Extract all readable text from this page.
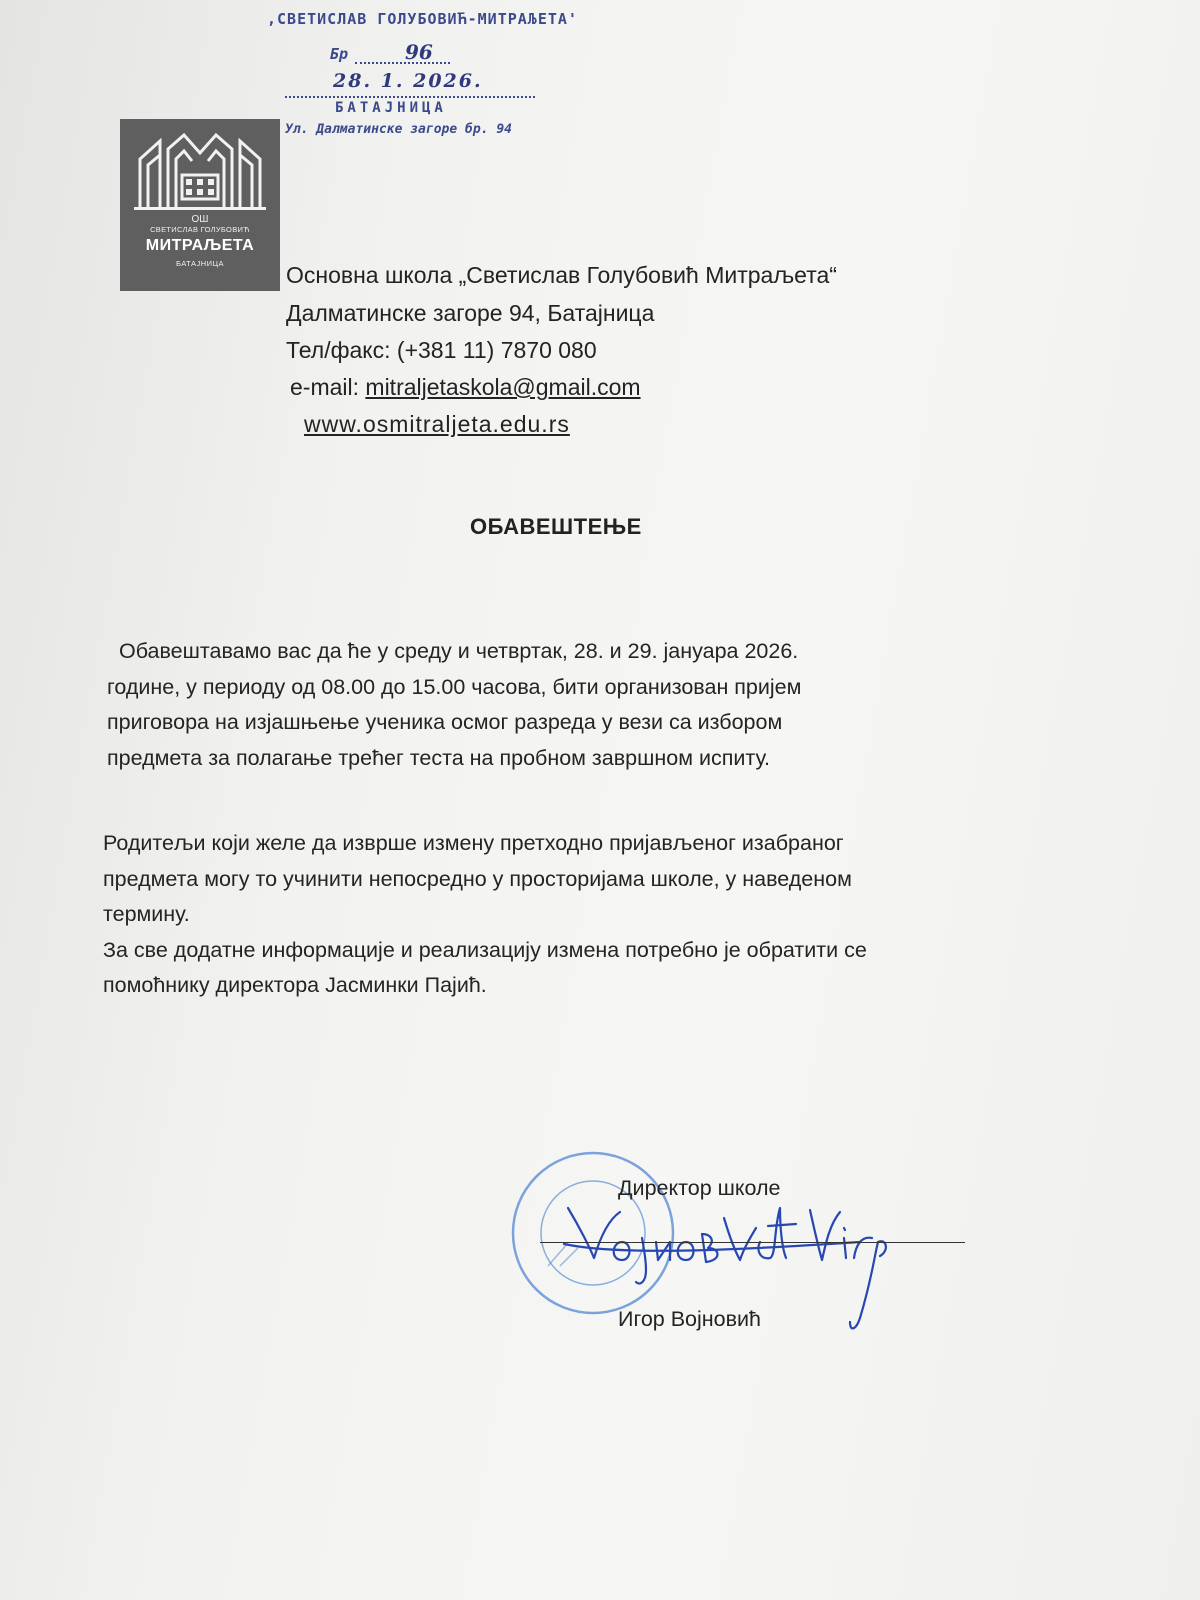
,СВЕТИСЛАВ ГОЛУБОВИЋ-МИТРАЉЕТА'
Бр	96
28. 1. 2026.
БАТАЈНИЦА
Ул. Далматинске загоре бр. 94
ОШ
СВЕТИСЛАВ ГОЛУБОВИЋ
МИТРАЉЕТА
БАТАЈНИЦА	Основна школа „Светислав Голубовић Митраљета“
Далматинске загоре 94, Батајница
Тел/факс: (+381 11) 7870 080
e-mail: mitraljetaskola@gmail.com
www.osmitraljeta.edu.rs
ОБАВЕШТЕЊЕ
Обавештавамо вас да ће у среду и четвртак, 28. и 29. јануара 2026.
године, у периоду од 08.00 до 15.00 часова, бити организован пријем
приговора на изјашњење ученика осмог разреда у вези са избором
предмета за полагање трећег теста на пробном завршном испиту.
Родитељи који желе да изврше измену претходно пријављеног изабраног
предмета могу то учинити непосредно у просторијама школе, у наведеном
термину.
За све додатне информације и реализацију измена потребно је обратити се
помоћнику директора Јасминки Пајић.
Директор школе
Игор Војновић
